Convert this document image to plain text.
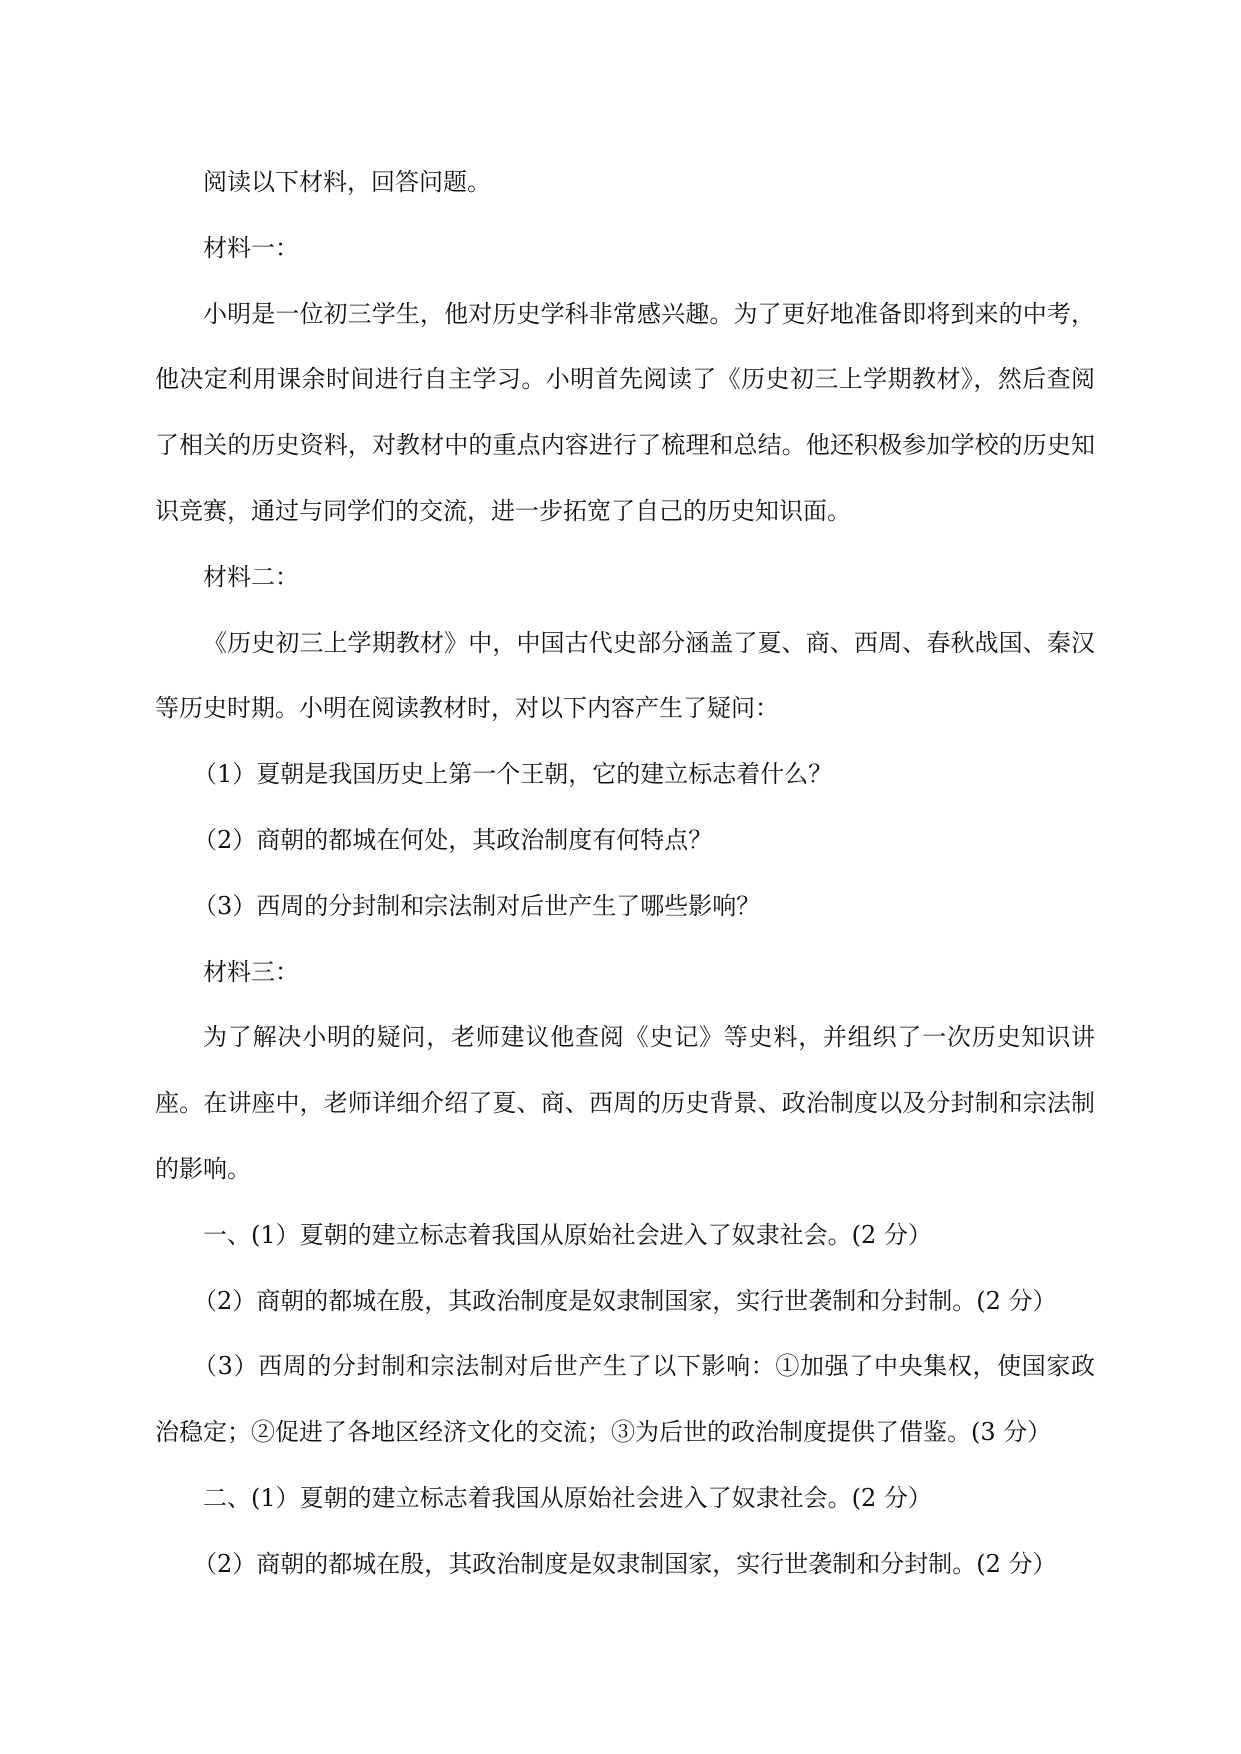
阅读以下材料，回答问题。

材料一：

小明是一位初三学生，他对历史学科非常感兴趣。为了更好地准备即将到来的中考，他决定利用课余时间进行自主学习。小明首先阅读了《历史初三上学期教材》，然后查阅了相关的历史资料，对教材中的重点内容进行了梳理和总结。他还积极参加学校的历史知识竞赛，通过与同学们的交流，进一步拓宽了自己的历史知识面。

材料二：

《历史初三上学期教材》中，中国古代史部分涵盖了夏、商、西周、春秋战国、秦汉等历史时期。小明在阅读教材时，对以下内容产生了疑问：

（1）夏朝是我国历史上第一个王朝，它的建立标志着什么？

（2）商朝的都城在何处，其政治制度有何特点？

（3）西周的分封制和宗法制对后世产生了哪些影响？

材料三：

为了解决小明的疑问，老师建议他查阅《史记》等史料，并组织了一次历史知识讲座。在讲座中，老师详细介绍了夏、商、西周的历史背景、政治制度以及分封制和宗法制的影响。

一、(1）夏朝的建立标志着我国从原始社会进入了奴隶社会。(2 分）

（2）商朝的都城在殷，其政治制度是奴隶制国家，实行世袭制和分封制。(2 分）

（3）西周的分封制和宗法制对后世产生了以下影响：①加强了中央集权，使国家政治稳定；②促进了各地区经济文化的交流；③为后世的政治制度提供了借鉴。(3 分）

二、(1）夏朝的建立标志着我国从原始社会进入了奴隶社会。(2 分）

（2）商朝的都城在殷，其政治制度是奴隶制国家，实行世袭制和分封制。(2 分）
